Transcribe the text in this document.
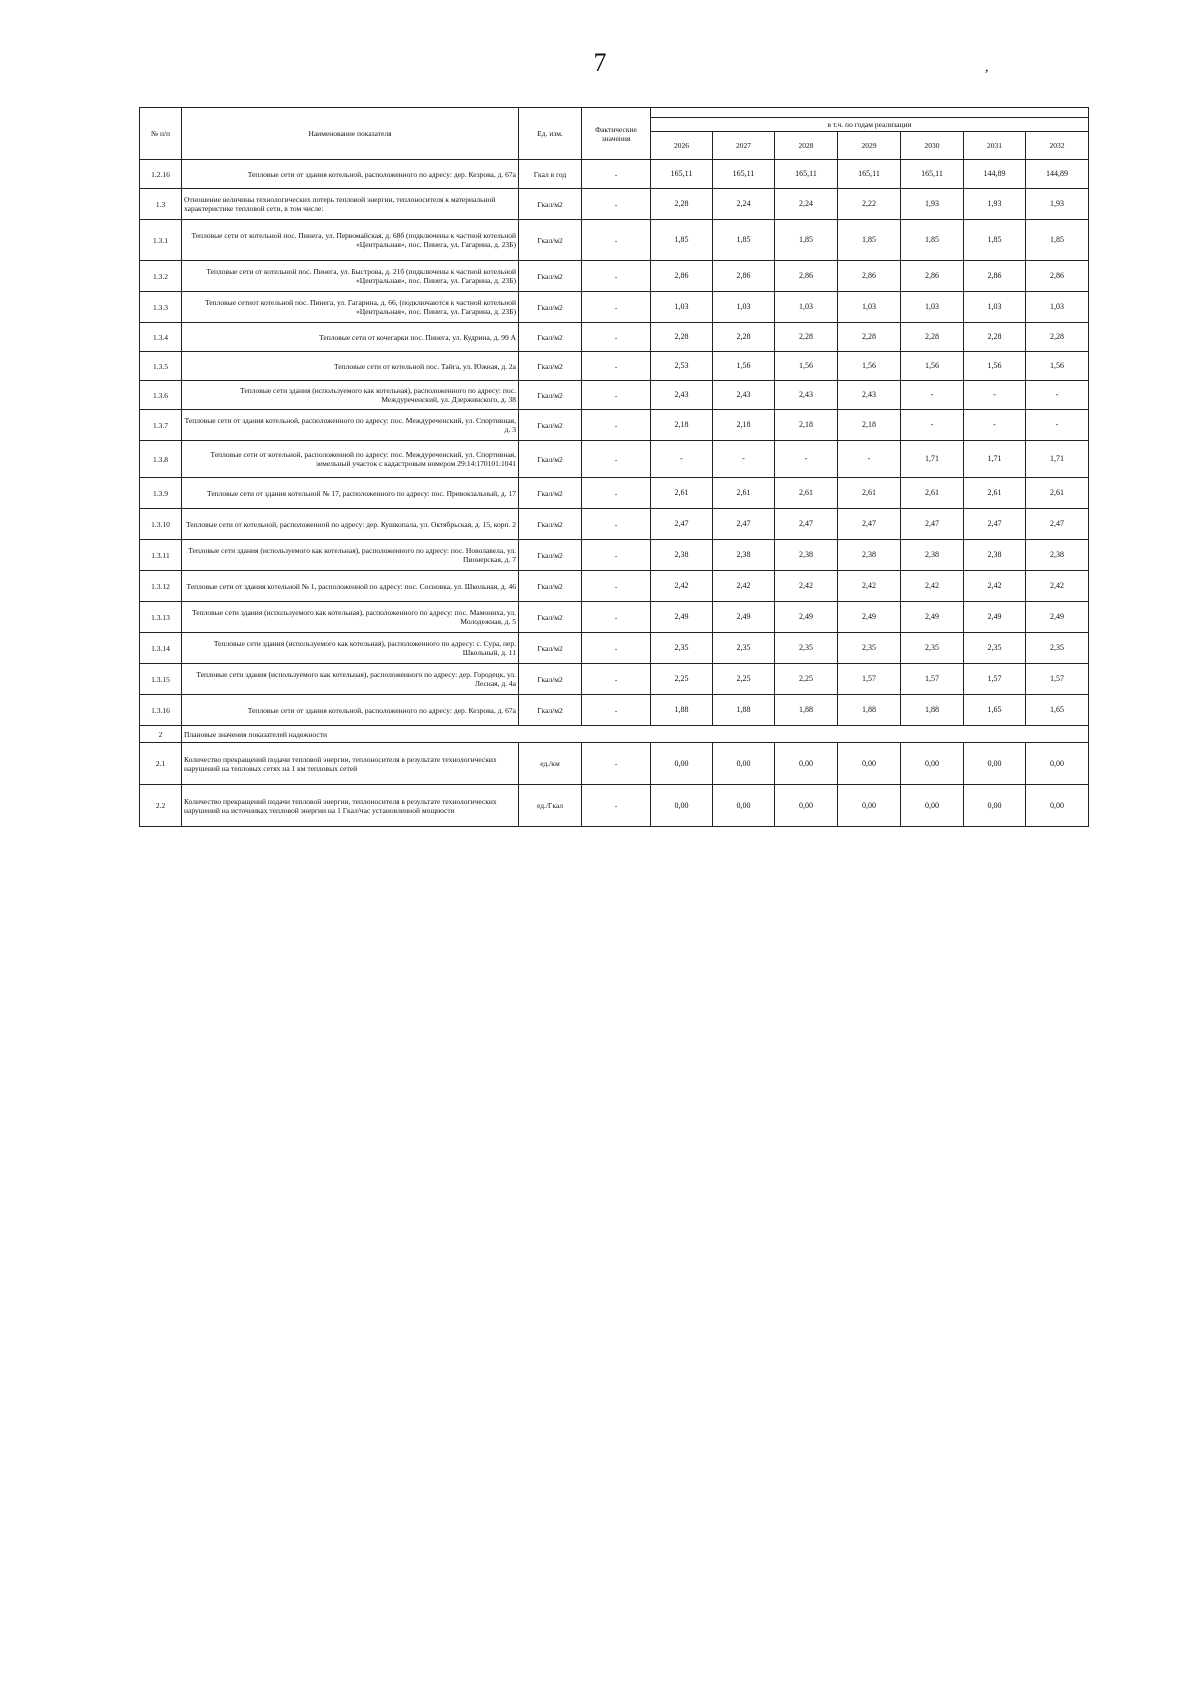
7	,
№ п/п	Наименование показателя	Ед. изм.	Фактические значения							
				в т.ч. по годам реализации						
				2026	2027	2028	2029	2030	2031	2032
1.2.16	Тепловые сети от здания котельной, расположенного по адресу: дер. Кезрова, д. 67а	Гкал в год	-	165,11	165,11	165,11	165,11	165,11	144,89	144,89
1.3	Отношение величины технологических потерь тепловой энергии, теплоносителя к материальной характеристике тепловой сети, в том числе:	Гкал/м2	-	2,28	2,24	2,24	2,22	1,93	1,93	1,93
1.3.1	Тепловые сети от котельной пос. Пинега, ул. Первомайская, д. 68б (подключены к частной котельной «Центральная», пос. Пинега, ул. Гагарина, д. 23Б)	Гкал/м2	-	1,85	1,85	1,85	1,85	1,85	1,85	1,85
1.3.2	Тепловые сети от котельной пос. Пинега, ул. Быстрова, д. 21б (подключены к частной котельной «Центральная», пос. Пинега, ул. Гагарина, д. 23Б)	Гкал/м2	-	2,86	2,86	2,86	2,86	2,86	2,86	2,86
1.3.3	Тепловые сетиот котельной пос. Пинега, ул. Гагарина, д. 66, (подключаются к частной котельной «Центральная», пос. Пинега, ул. Гагарина, д. 23Б)	Гкал/м2	-	1,03	1,03	1,03	1,03	1,03	1,03	1,03
1.3.4	Тепловые сети от кочегарки пос. Пинега, ул. Кудрина, д. 99 А	Гкал/м2	-	2,28	2,28	2,28	2,28	2,28	2,28	2,28
1.3.5	Тепловые сети от котельной пос. Тайга, ул. Южная, д. 2а	Гкал/м2	-	2,53	1,56	1,56	1,56	1,56	1,56	1,56
1.3.6	Тепловые сети здания (используемого как котельная), расположенного по адресу: пос. Междуреченский, ул. Дзержинского, д. 38	Гкал/м2	-	2,43	2,43	2,43	2,43	-	-	-
1.3.7	Тепловые сети от здания котельной, расположенного по адресу: пос. Междуреченский, ул. Спортивная, д. 3	Гкал/м2	-	2,18	2,18	2,18	2,18	-	-	-
1.3.8	Тепловые сети от котельной, расположенной по адресу: пос. Междуреченский, ул. Спортивная, земельный участок с кадастровым номером 29:14:170101:1041	Гкал/м2	-	-	-	-	-	1,71	1,71	1,71
1.3.9	Тепловые сети от здания котельной № 17, расположенного по адресу: пос. Привокзальный, д. 17	Гкал/м2	-	2,61	2,61	2,61	2,61	2,61	2,61	2,61
1.3.10	Тепловые сети от котельной, расположенной по адресу: дер. Кушкопала, ул. Октябрьская, д. 15, корп. 2	Гкал/м2	-	2,47	2,47	2,47	2,47	2,47	2,47	2,47
1.3.11	Тепловые сети здания (используемого как котельная), расположенного по адресу: пос. Новолавела, ул. Пионерская, д. 7	Гкал/м2	-	2,38	2,38	2,38	2,38	2,38	2,38	2,38
1.3.12	Тепловые сети от здания котельной № 1, расположенной по адресу: пос. Сосновка, ул. Школьная, д. 46	Гкал/м2	-	2,42	2,42	2,42	2,42	2,42	2,42	2,42
1.3.13	Тепловые сети здания (используемого как котельная), расположенного по адресу: пос. Мамониха, ул. Молодежная, д. 5	Гкал/м2	-	2,49	2,49	2,49	2,49	2,49	2,49	2,49
1.3.14	Тепловые сети здания (используемого как котельная), расположенного по адресу: с. Сура, пер. Школьный, д. 11	Гкал/м2	-	2,35	2,35	2,35	2,35	2,35	2,35	2,35
1.3.15	Тепловые сети здания (используемого как котельная), расположенного по адресу: дер. Городецк, ул. Лесная, д. 4а	Гкал/м2	-	2,25	2,25	2,25	1,57	1,57	1,57	1,57
1.3.16	Тепловые сети от здания котельной, расположенного по адресу: дер. Кезрова, д. 67а	Гкал/м2	-	1,88	1,88	1,88	1,88	1,88	1,65	1,65
2	Плановые значения показателей надежности									
2.1	Количество прекращений подачи тепловой энергии, теплоносителя в результате технологических нарушений на тепловых сетях на 1 км тепловых сетей	ед./км	-	0,00	0,00	0,00	0,00	0,00	0,00	0,00
2.2	Количество прекращений подачи тепловой энергии, теплоносителя в результате технологических нарушений на источниках тепловой энергии на 1 Гкал/час установленной мощности	ед./Гкал	-	0,00	0,00	0,00	0,00	0,00	0,00	0,00
